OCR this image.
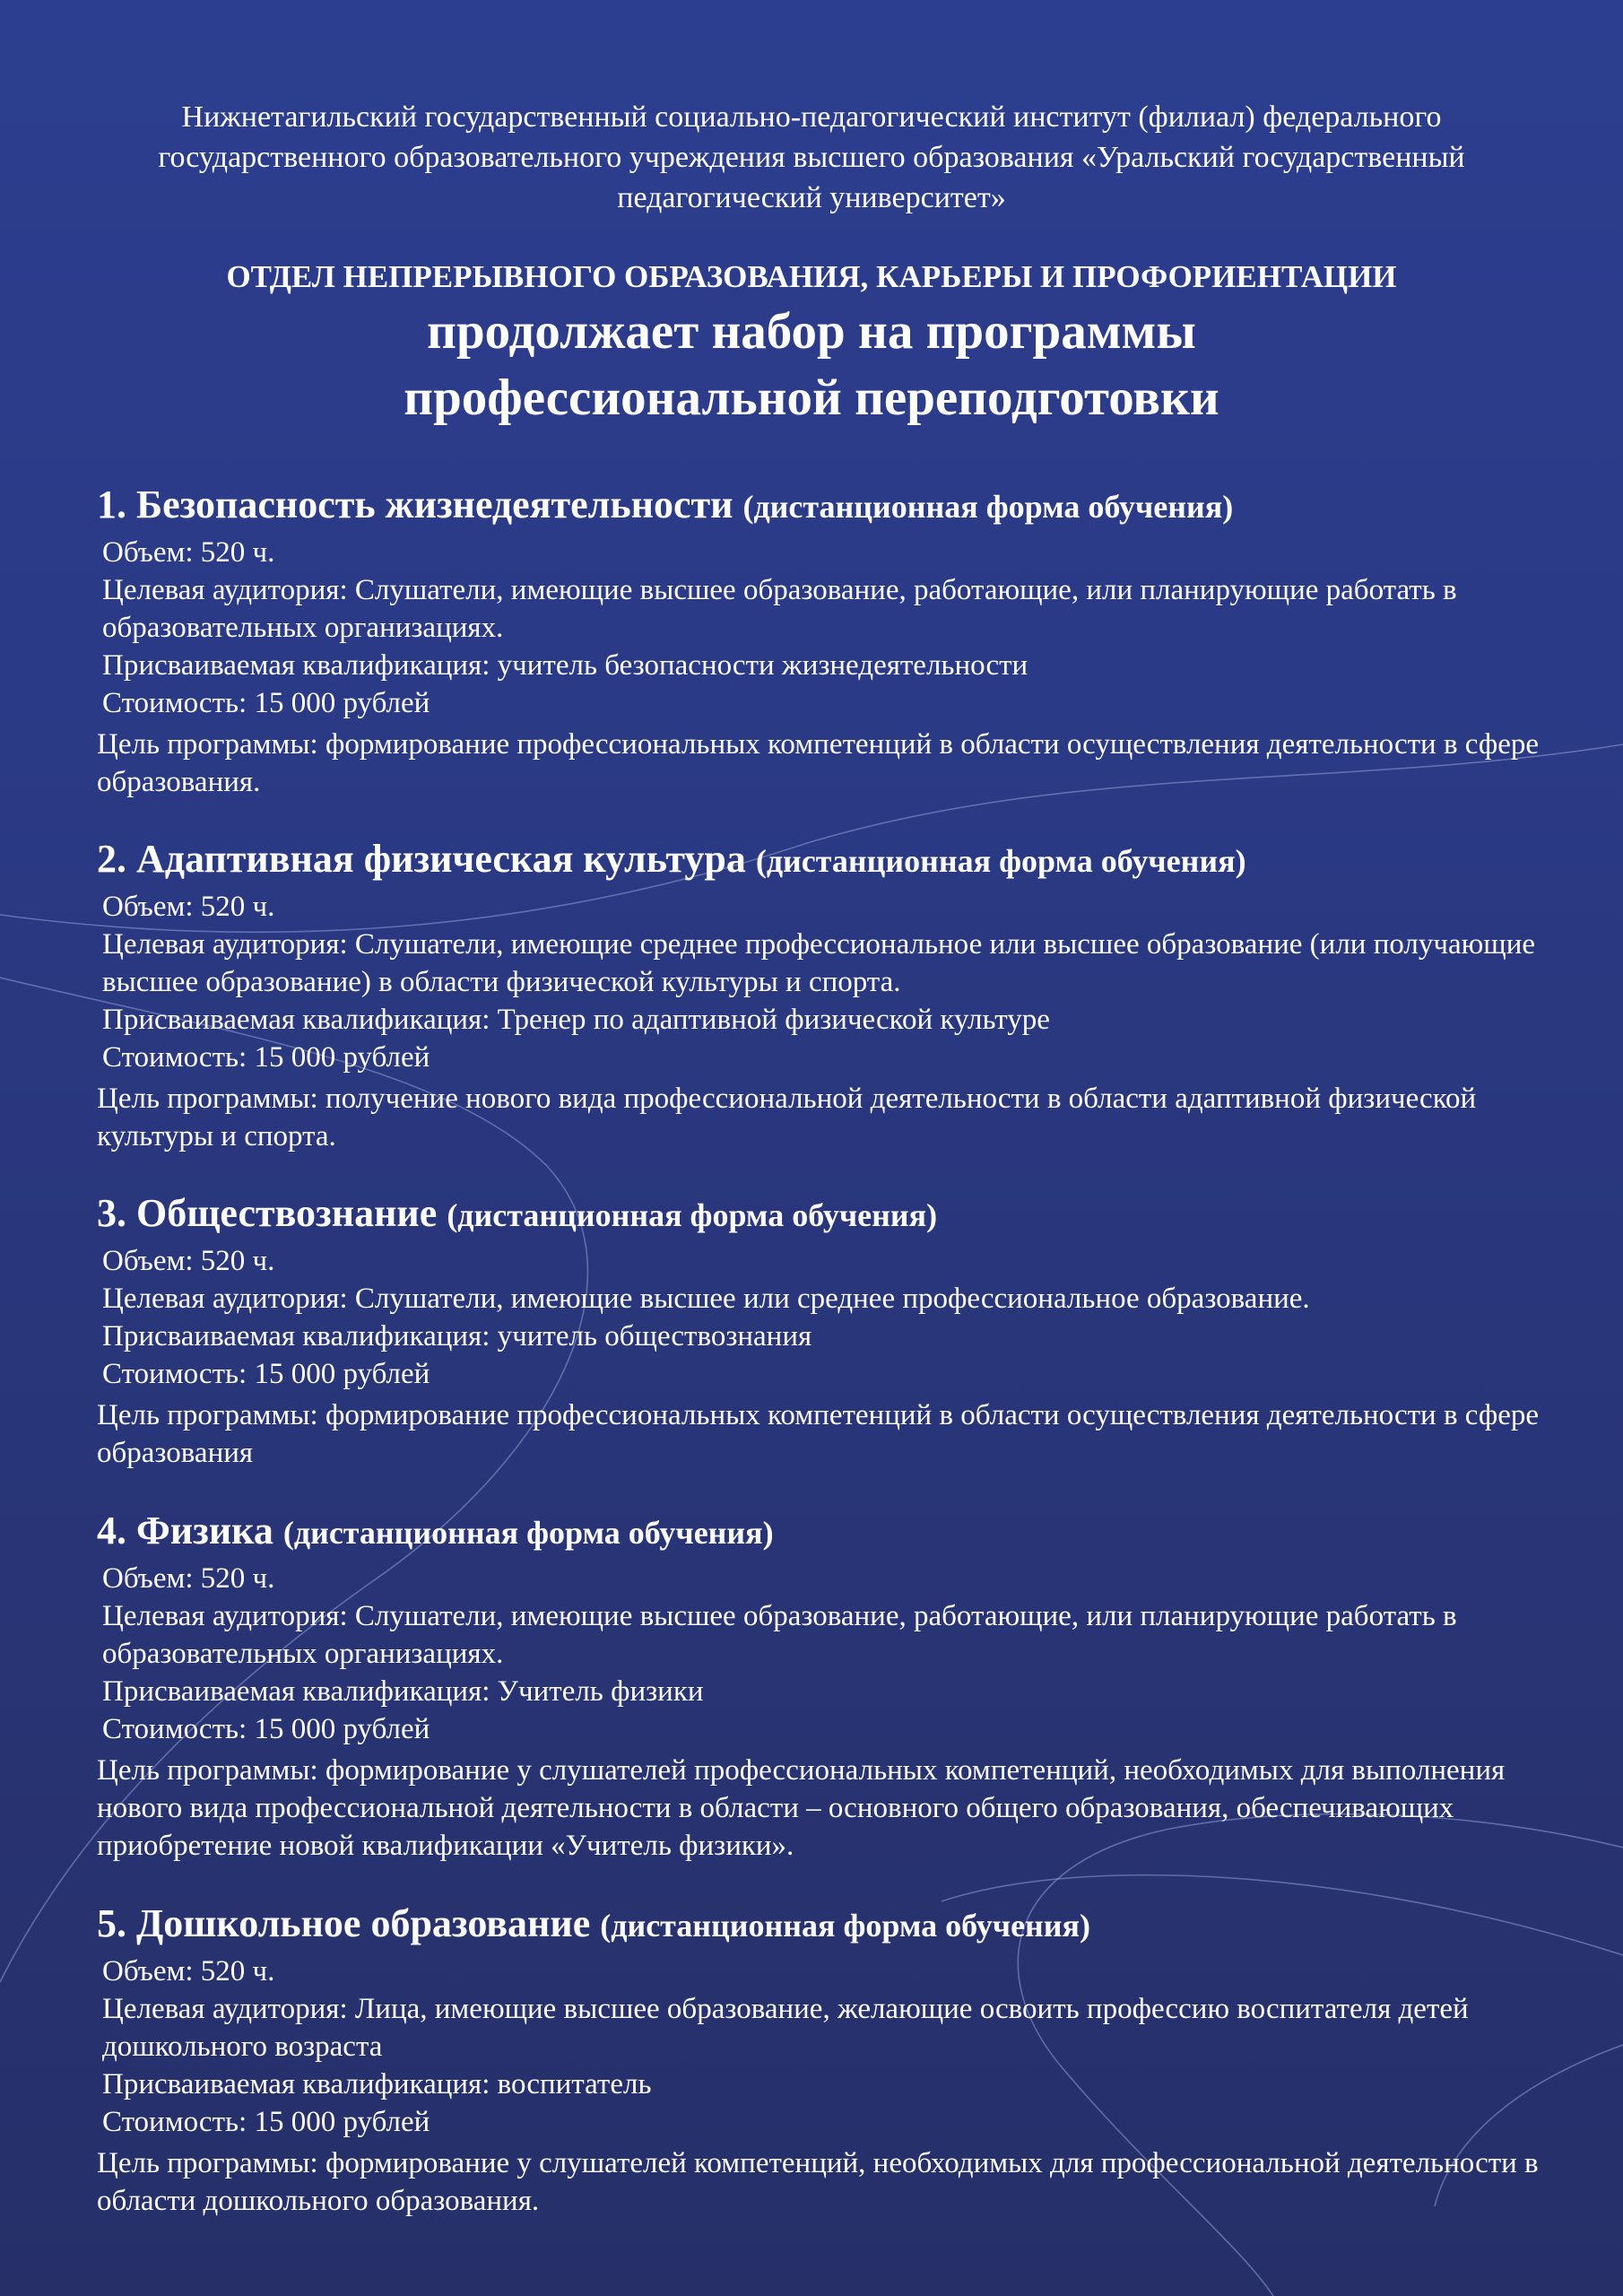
Нижнетагильский государственный социально-педагогический институт (филиал) федерального государственного образовательного учреждения высшего образования «Уральский государственный педагогический университет»
ОТДЕЛ НЕПРЕРЫВНОГО ОБРАЗОВАНИЯ, КАРЬЕРЫ И ПРОФОРИЕНТАЦИИ
продолжает набор на программы
профессиональной переподготовки
1. Безопасность жизнедеятельности (дистанционная форма обучения)
Объем: 520 ч.
Целевая аудитория: Слушатели, имеющие высшее образование, работающие, или планирующие работать в образовательных организациях.
Присваиваемая квалификация: учитель безопасности жизнедеятельности
Стоимость: 15 000 рублей
Цель программы: формирование профессиональных компетенций в области осуществления деятельности в сфере образования.
2. Адаптивная физическая культура (дистанционная форма обучения)
Объем: 520 ч.
Целевая аудитория: Слушатели, имеющие среднее профессиональное или высшее образование (или получающие высшее образование) в области физической культуры и спорта.
Присваиваемая квалификация: Тренер по адаптивной физической культуре
Стоимость: 15 000 рублей
Цель программы: получение нового вида профессиональной деятельности в области адаптивной физической культуры и спорта.
3. Обществознание (дистанционная форма обучения)
Объем: 520 ч.
Целевая аудитория: Слушатели, имеющие высшее или среднее профессиональное образование.
Присваиваемая квалификация: учитель обществознания
Стоимость: 15 000 рублей
Цель программы: формирование профессиональных компетенций в области осуществления деятельности в сфере образования
4. Физика (дистанционная форма обучения)
Объем: 520 ч.
Целевая аудитория: Слушатели, имеющие высшее образование, работающие, или планирующие работать в образовательных организациях.
Присваиваемая квалификация: Учитель физики
Стоимость: 15 000 рублей
Цель программы: формирование у слушателей профессиональных компетенций, необходимых для выполнения нового вида профессиональной деятельности в области – основного общего образования, обеспечивающих приобретение новой квалификации «Учитель физики».
5. Дошкольное образование (дистанционная форма обучения)
Объем: 520 ч.
Целевая аудитория: Лица, имеющие высшее образование, желающие освоить профессию воспитателя детей дошкольного возраста
Присваиваемая квалификация: воспитатель
Стоимость: 15 000 рублей
Цель программы: формирование у слушателей компетенций, необходимых для профессиональной деятельности в области дошкольного образования.
